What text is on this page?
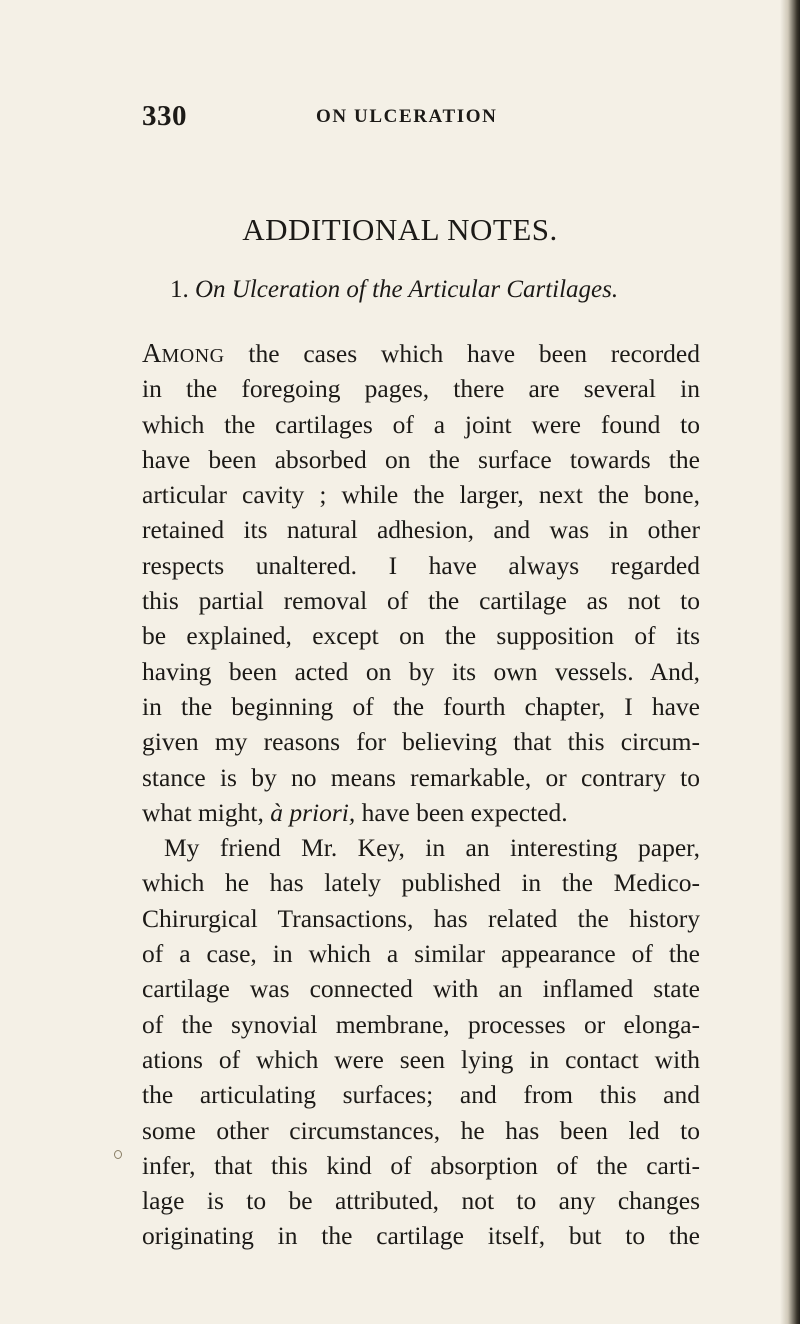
330	ON ULCERATION
ADDITIONAL NOTES.
1. On Ulceration of the Articular Cartilages.
AMONG the cases which have been recorded
in the foregoing pages, there are several in
which the cartilages of a joint were found to
have been absorbed on the surface towards the
articular cavity ; while the larger, next the bone,
retained its natural adhesion, and was in other
respects unaltered. I have always regarded
this partial removal of the cartilage as not to
be explained, except on the supposition of its
having been acted on by its own vessels. And,
in the beginning of the fourth chapter, I have
given my reasons for believing that this circum-
stance is by no means remarkable, or contrary to
what might, à priori, have been expected.
My friend Mr. Key, in an interesting paper,
which he has lately published in the Medico-
Chirurgical Transactions, has related the history
of a case, in which a similar appearance of the
cartilage was connected with an inflamed state
of the synovial membrane, processes or elonga-
ations of which were seen lying in contact with
the articulating surfaces; and from this and
some other circumstances, he has been led to
infer, that this kind of absorption of the carti-
lage is to be attributed, not to any changes
originating in the cartilage itself, but to the
